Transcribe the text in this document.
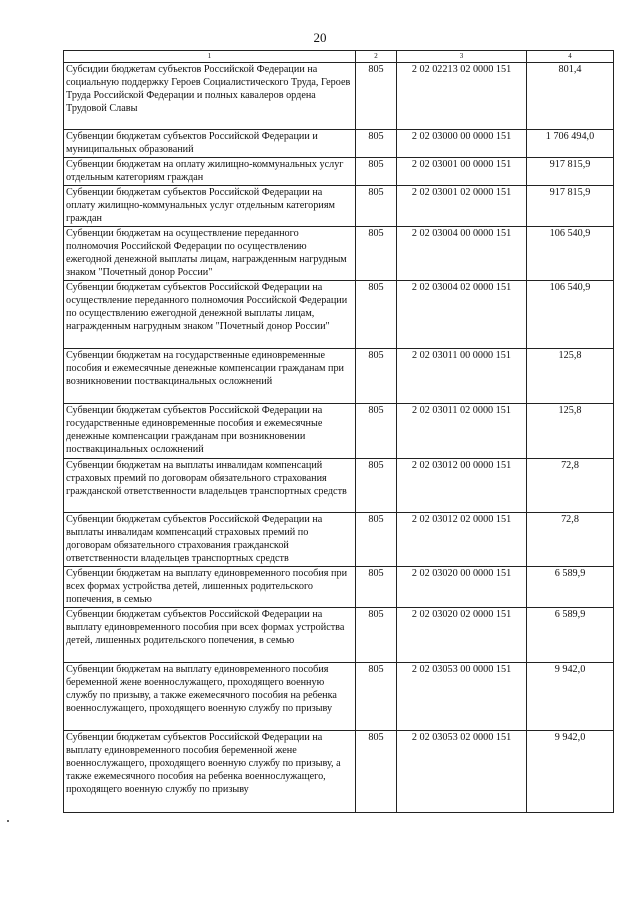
20
1	2	3	4
Субсидии бюджетам субъектов Российской Федерации на социальную поддержку Героев Социалистического Труда, Героев Труда Российской Федерации и полных кавалеров ордена Трудовой Славы	805	2 02 02213 02 0000 151	801,4
Субвенции бюджетам субъектов Российской Федерации и муниципальных образований	805	2 02 03000 00 0000 151	1 706 494,0
Субвенции бюджетам на оплату жилищно-коммунальных услуг отдельным категориям граждан	805	2 02 03001 00 0000 151	917 815,9
Субвенции бюджетам субъектов Российской Федерации на оплату жилищно-коммунальных услуг отдельным категориям граждан	805	2 02 03001 02 0000 151	917 815,9
Субвенции бюджетам на осуществление переданного полномочия Российской Федерации по осуществлению ежегодной денежной выплаты лицам, награжденным нагрудным знаком "Почетный донор России"	805	2 02 03004 00 0000 151	106 540,9
Субвенции бюджетам субъектов Российской Федерации на осуществление переданного полномочия Российской Федерации по осуществлению ежегодной денежной выплаты лицам, награжденным нагрудным знаком "Почетный донор России"	805	2 02 03004 02 0000 151	106 540,9
Субвенции бюджетам на государственные единовременные пособия и ежемесячные денежные компенсации гражданам при возникновении поствакцинальных осложнений	805	2 02 03011 00 0000 151	125,8
Субвенции бюджетам субъектов Российской Федерации на государственные единовременные пособия и ежемесячные денежные компенсации гражданам при возникновении поствакцинальных осложнений	805	2 02 03011 02 0000 151	125,8
Субвенции бюджетам на выплаты инвалидам компенсаций страховых премий по договорам обязательного страхования гражданской ответственности владельцев транспортных средств	805	2 02 03012 00 0000 151	72,8
Субвенции бюджетам субъектов Российской Федерации на выплаты инвалидам компенсаций страховых премий по договорам обязательного страхования гражданской ответственности владельцев транспортных средств	805	2 02 03012 02 0000 151	72,8
Субвенции бюджетам на выплату единовременного пособия при всех формах устройства детей, лишенных родительского попечения, в семью	805	2 02 03020 00 0000 151	6 589,9
Субвенции бюджетам субъектов Российской Федерации на выплату единовременного пособия при всех формах устройства детей, лишенных родительского попечения, в семью	805	2 02 03020 02 0000 151	6 589,9
Субвенции бюджетам на выплату единовременного пособия беременной жене военнослужащего, проходящего военную службу по призыву, а также ежемесячного пособия на ребенка военнослужащего, проходящего военную службу по призыву	805	2 02 03053 00 0000 151	9 942,0
Субвенции бюджетам субъектов Российской Федерации на выплату единовременного пособия беременной жене военнослужащего, проходящего военную службу по призыву, а также ежемесячного пособия на ребенка военнослужащего, проходящего военную службу по призыву	805	2 02 03053 02 0000 151	9 942,0
